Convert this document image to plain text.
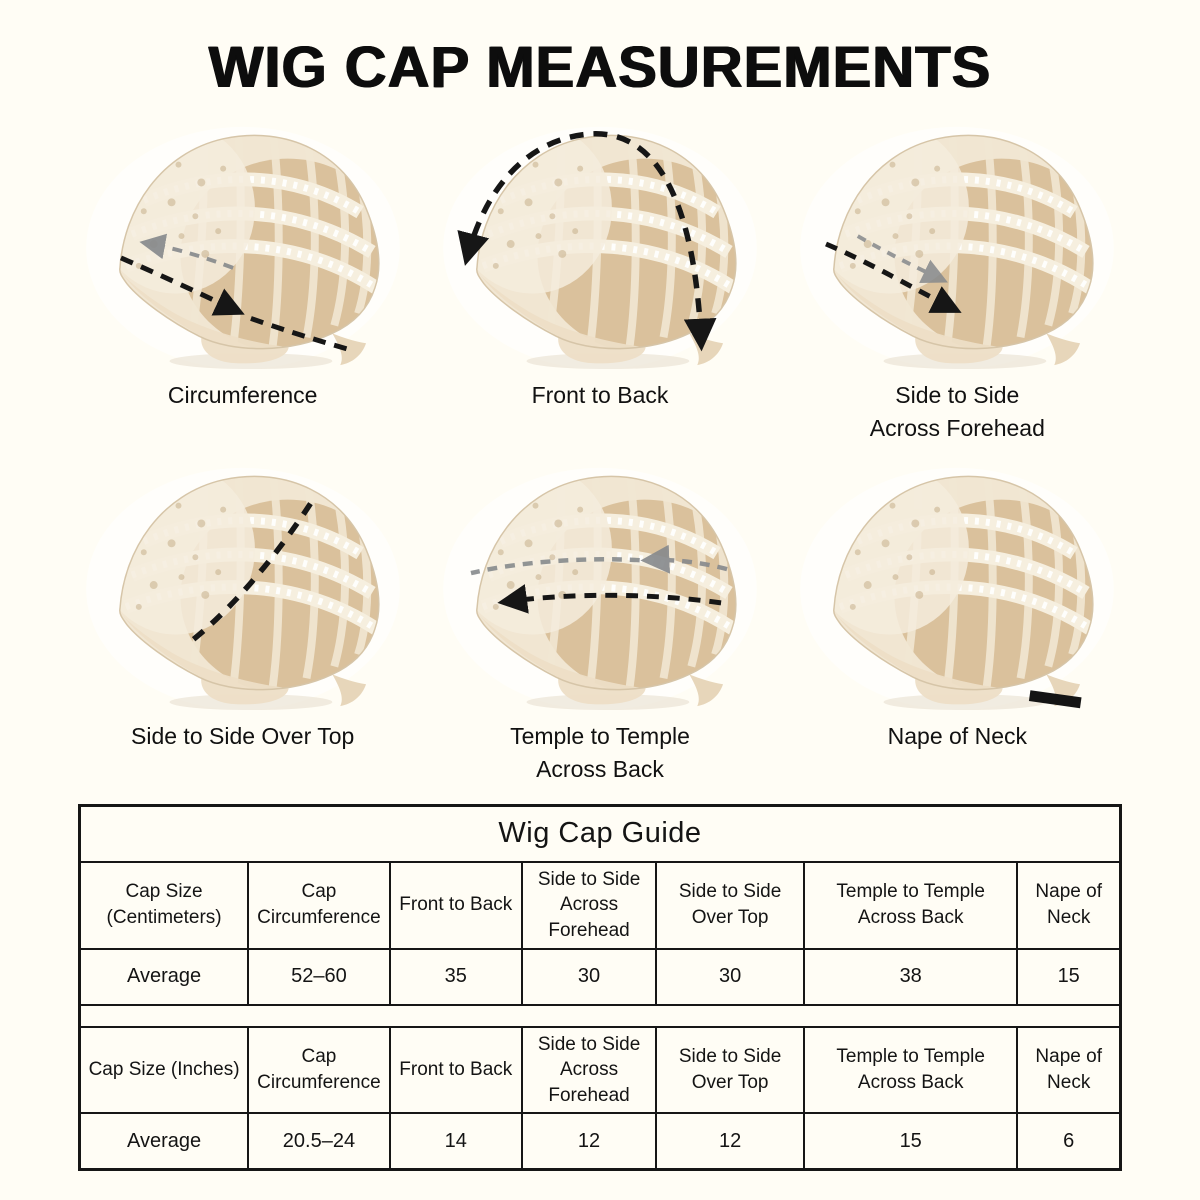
WIG CAP MEASUREMENTS
Circumference	Front to Back	Side to Side
Across Forehead
Side to Side Over Top	Temple to Temple
Across Back
Nape of Neck
Wig Cap Guide						
Cap Size (Centimeters)	Cap Circumference	Front to Back	Side to Side Across Forehead	Side to Side Over Top	Temple to Temple Across Back	Nape of Neck
Average	52–60	35	30	30	38	15

Cap Size (Inches)	Cap Circumference	Front to Back	Side to Side Across Forehead	Side to Side Over Top	Temple to Temple Across Back	Nape of Neck
Average	20.5–24	14	12	12	15	6
